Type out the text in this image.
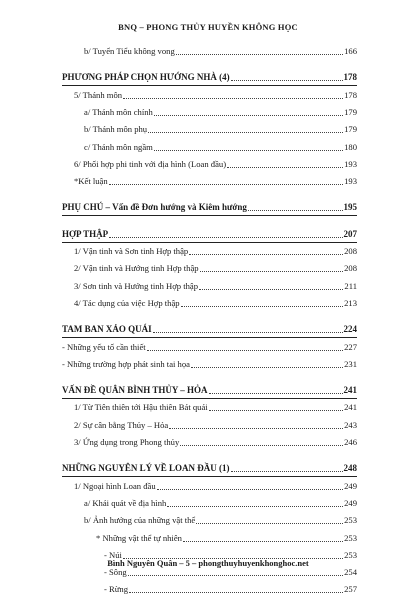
BNQ – PHONG THỦY HUYỀN KHÔNG HỌC
b/ Tuyển Tiểu không vong	166
PHƯƠNG PHÁP CHỌN HƯỚNG NHÀ (4)	178
5/ Thánh môn	178
a/ Thánh môn chính	179
b/ Thánh môn phụ	179
c/ Thánh môn ngầm	180
6/ Phối hợp phi tinh với địa hình (Loan đầu)	193
*Kết luận	193
PHỤ CHÚ – Vấn đề Đơn hướng và Kiêm hướng	195
HỢP THẬP	207
1/ Vận tinh và Sơn tinh Hợp thập	208
2/ Vận tinh và Hướng tinh Hợp thập	208
3/ Sơn tinh và Hướng tinh Hợp thập	211
4/ Tác dụng của việc Hợp thập	213
TAM BAN XẢO QUÁI	224
- Những yếu tố cần thiết	227
- Những trường hợp phát sinh tai họa	231
VẤN ĐỀ QUÂN BÌNH THỦY – HỎA	241
1/ Từ Tiên thiên tới Hậu thiên Bát quái	241
2/ Sự cân bằng Thủy – Hỏa	243
3/ Ứng dụng trong Phong thủy	246
NHỮNG NGUYÊN LÝ VỀ LOAN ĐẦU (1)	248
1/ Ngoại hình Loan đầu	249
a/ Khái quát về địa hình	249
b/ Ảnh hưởng của những vật thể	253
* Những vật thể tự nhiên	253
- Núi	253
- Sông	254
- Rừng	257
Bình Nguyên Quân – 5 – phongthuyhuyenkhonghoc.net
